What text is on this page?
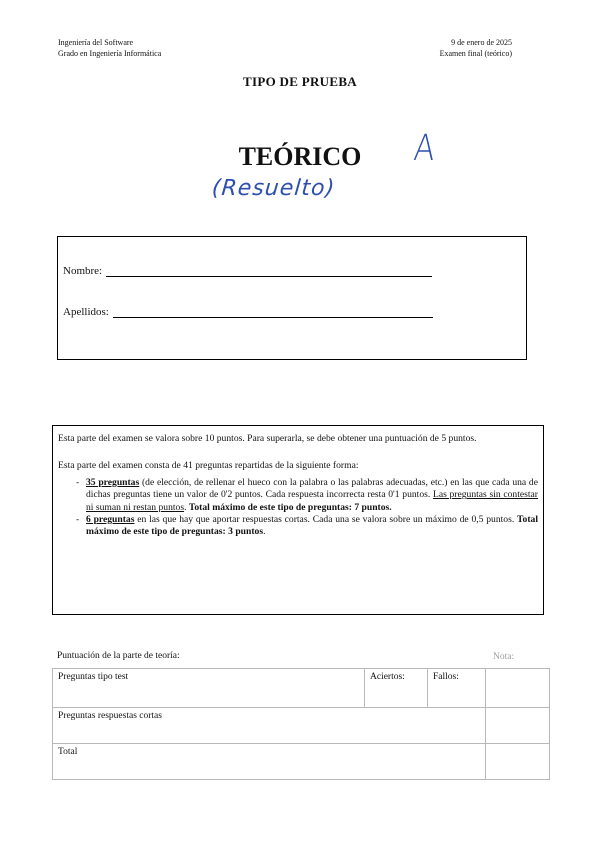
Ingeniería del Software
Grado en Ingeniería Informática
9 de enero de 2025
Examen final (teórico)
TIPO DE PRUEBA
TEÓRICO	A
(Resuelto)
Nombre:
Apellidos:

Esta parte del examen se valora sobre 10 puntos. Para superarla, se debe obtener una puntuación de 5 puntos.

Esta parte del examen consta de 41 preguntas repartidas de la siguiente forma:

- 35 preguntas (de elección, de rellenar el hueco con la palabra o las palabras adecuadas, etc.) en las que cada una de dichas preguntas tiene un valor de 0'2 puntos. Cada respuesta incorrecta resta 0'1 puntos. Las preguntas sin contestar ni suman ni restan puntos. Total máximo de este tipo de preguntas: 7 puntos.
- 6 preguntas en las que hay que aportar respuestas cortas. Cada una se valora sobre un máximo de 0,5 puntos. Total máximo de este tipo de preguntas: 3 puntos.
Puntuación de la parte de teoría:	Nota:
Preguntas tipo test	Aciertos:	Fallos:	
Preguntas respuestas cortas			
Total			
